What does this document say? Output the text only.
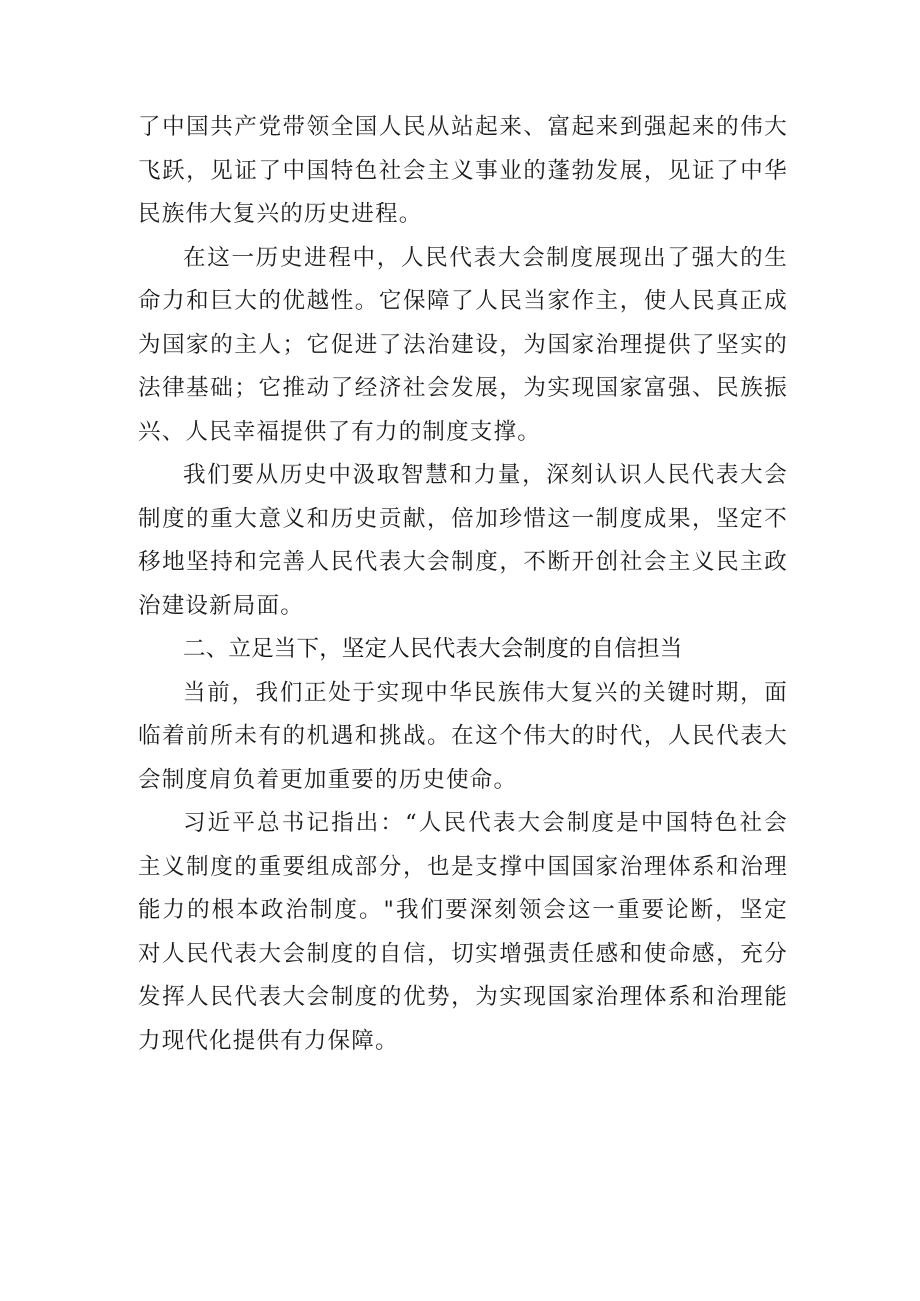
了中国共产党带领全国人民从站起来、富起来到强起来的伟大飞跃，见证了中国特色社会主义事业的蓬勃发展，见证了中华民族伟大复兴的历史进程。

在这一历史进程中，人民代表大会制度展现出了强大的生命力和巨大的优越性。它保障了人民当家作主，使人民真正成为国家的主人；它促进了法治建设，为国家治理提供了坚实的法律基础；它推动了经济社会发展，为实现国家富强、民族振兴、人民幸福提供了有力的制度支撑。

我们要从历史中汲取智慧和力量，深刻认识人民代表大会制度的重大意义和历史贡献，倍加珍惜这一制度成果，坚定不移地坚持和完善人民代表大会制度，不断开创社会主义民主政治建设新局面。

二、立足当下，坚定人民代表大会制度的自信担当

当前，我们正处于实现中华民族伟大复兴的关键时期，面临着前所未有的机遇和挑战。在这个伟大的时代，人民代表大会制度肩负着更加重要的历史使命。

习近平总书记指出：“人民代表大会制度是中国特色社会主义制度的重要组成部分，也是支撑中国国家治理体系和治理能力的根本政治制度。"我们要深刻领会这一重要论断，坚定对人民代表大会制度的自信，切实增强责任感和使命感，充分发挥人民代表大会制度的优势，为实现国家治理体系和治理能力现代化提供有力保障。
